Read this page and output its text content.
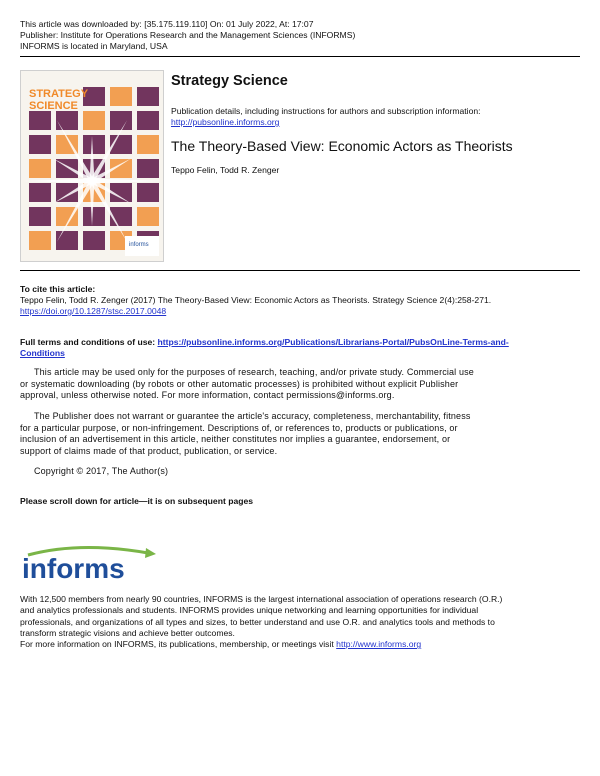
This article was downloaded by: [35.175.119.110] On: 01 July 2022, At: 17:07
Publisher: Institute for Operations Research and the Management Sciences (INFORMS)
INFORMS is located in Maryland, USA
STRATEGY
SCIENCE
informs
Strategy Science
Publication details, including instructions for authors and subscription information:
http://pubsonline.informs.org
The Theory-Based View: Economic Actors as Theorists
Teppo Felin, Todd R. Zenger
To cite this article:
Teppo Felin, Todd R. Zenger (2017) The Theory-Based View: Economic Actors as Theorists. Strategy Science 2(4):258-271.
https://doi.org/10.1287/stsc.2017.0048
Full terms and conditions of use: https://pubsonline.informs.org/Publications/Librarians-Portal/PubsOnLine-Terms-and-
Conditions
This article may be used only for the purposes of research, teaching, and/or private study. Commercial use
or systematic downloading (by robots or other automatic processes) is prohibited without explicit Publisher
approval, unless otherwise noted. For more information, contact permissions@informs.org.
The Publisher does not warrant or guarantee the article's accuracy, completeness, merchantability, fitness
for a particular purpose, or non-infringement. Descriptions of, or references to, products or publications, or
inclusion of an advertisement in this article, neither constitutes nor implies a guarantee, endorsement, or
support of claims made of that product, publication, or service.
Copyright © 2017, The Author(s)
Please scroll down for article—it is on subsequent pages
informs
With 12,500 members from nearly 90 countries, INFORMS is the largest international association of operations research (O.R.)
and analytics professionals and students. INFORMS provides unique networking and learning opportunities for individual
professionals, and organizations of all types and sizes, to better understand and use O.R. and analytics tools and methods to
transform strategic visions and achieve better outcomes.
For more information on INFORMS, its publications, membership, or meetings visit http://www.informs.org
